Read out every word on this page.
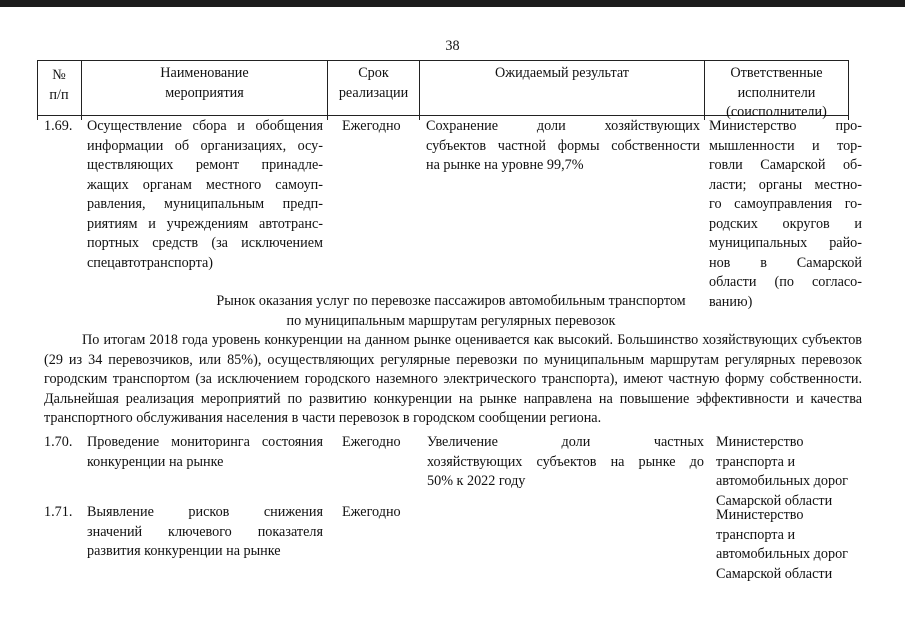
38
№
п/п
Наименование
мероприятия
Срок
реализации
Ожидаемый результат	Ответственные
исполнители
(соисполнители)
1.69. Осуществление сбора и обобщения
информации об организациях, осу-
ществляющих ремонт принадле-
жащих органам местного самоуп-
равления, муниципальным предп-
риятиям и учреждениям автотранс-
портных средств (за исключением
спецавтотранспорта)
Ежегодно Сохранение доли хозяйствующих
субъектов частной формы собственности
на рынке на уровне 99,7%
Министерство про-
мышленности и тор-
говли Самарской об-
ласти; органы местно-
го самоуправления го-
родских округов и
муниципальных райо-
нов в Самарской
области (по согласо-
ванию)
Рынок оказания услуг по перевозке пассажиров автомобильным транспортом
по муниципальным маршрутам регулярных перевозок
По итогам 2018 года уровень конкуренции на данном рынке оценивается как высокий. Большинство хозяйствующих субъектов (29 из 34 перевозчиков, или 85%), осуществляющих регулярные перевозки по муниципальным маршрутам регулярных перевозок городским транспортом (за исключением городского наземного электрического транспорта), имеют частную форму собственности. Дальнейшая реализация мероприятий по развитию конкуренции на рынке направлена на повышение эффективности и качества транспортного обслуживания населения в части перевозок в городском сообщении региона.
1.70. Проведение мониторинга состояния
конкуренции на рынке
Ежегодно Увеличение доли частных
хозяйствующих субъектов на рынке до
50% к 2022 году
Министерство
транспорта и
автомобильных дорог
Самарской области
1.71. Выявление рисков снижения
значений ключевого показателя
развития конкуренции на рынке
Ежегодно	Министерство
транспорта и
автомобильных дорог
Самарской области
